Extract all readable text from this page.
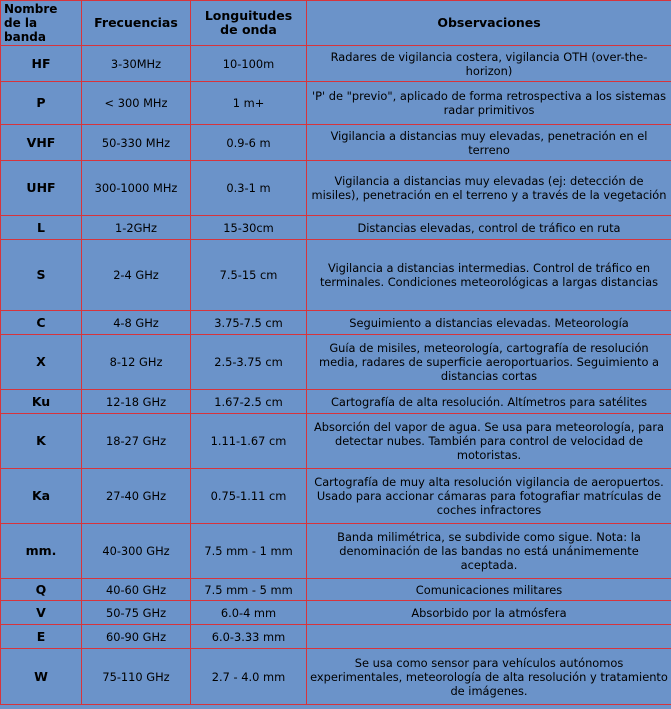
Nombre de la banda	Frecuencias	Longuitudes de onda	Observaciones
HF	3-30MHz	10-100m	Radares de vigilancia costera, vigilancia OTH (over-the-horizon)
P	< 300 MHz	1 m+	'P' de "previo", aplicado de forma retrospectiva a los sistemas radar primitivos
VHF	50-330 MHz	0.9-6 m	Vigilancia a distancias muy elevadas, penetración en el terreno
UHF	300-1000 MHz	0.3-1 m	Vigilancia a distancias muy elevadas (ej: detección de misiles), penetración en el terreno y a través de la vegetación
L	1-2GHz	15-30cm	Distancias elevadas, control de tráfico en ruta
S	2-4 GHz	7.5-15 cm	Vigilancia a distancias intermedias. Control de tráfico en terminales. Condiciones meteorológicas a largas distancias
C	4-8 GHz	3.75-7.5 cm	Seguimiento a distancias elevadas. Meteorología
X	8-12 GHz	2.5-3.75 cm	Guía de misiles, meteorología, cartografía de resolución media, radares de superficie aeroportuarios. Seguimiento a distancias cortas
Ku	12-18 GHz	1.67-2.5 cm	Cartografía de alta resolución. Altímetros para satélites
K	18-27 GHz	1.11-1.67 cm	Absorción del vapor de agua. Se usa para meteorología, para detectar nubes. También para control de velocidad de motoristas.
Ka	27-40 GHz	0.75-1.11 cm	Cartografía de muy alta resolución vigilancia de aeropuertos. Usado para accionar cámaras para fotografiar matrículas de coches infractores
mm.	40-300 GHz	7.5 mm - 1 mm	Banda milimétrica, se subdivide como sigue. Nota: la denominación de las bandas no está unánimemente aceptada.
Q	40-60 GHz	7.5 mm - 5 mm	Comunicaciones militares
V	50-75 GHz	6.0-4 mm	Absorbido por la atmósfera
E	60-90 GHz	6.0-3.33 mm	
W	75-110 GHz	2.7 - 4.0 mm	Se usa como sensor para vehículos autónomos experimentales, meteorología de alta resolución y tratamiento de imágenes.
